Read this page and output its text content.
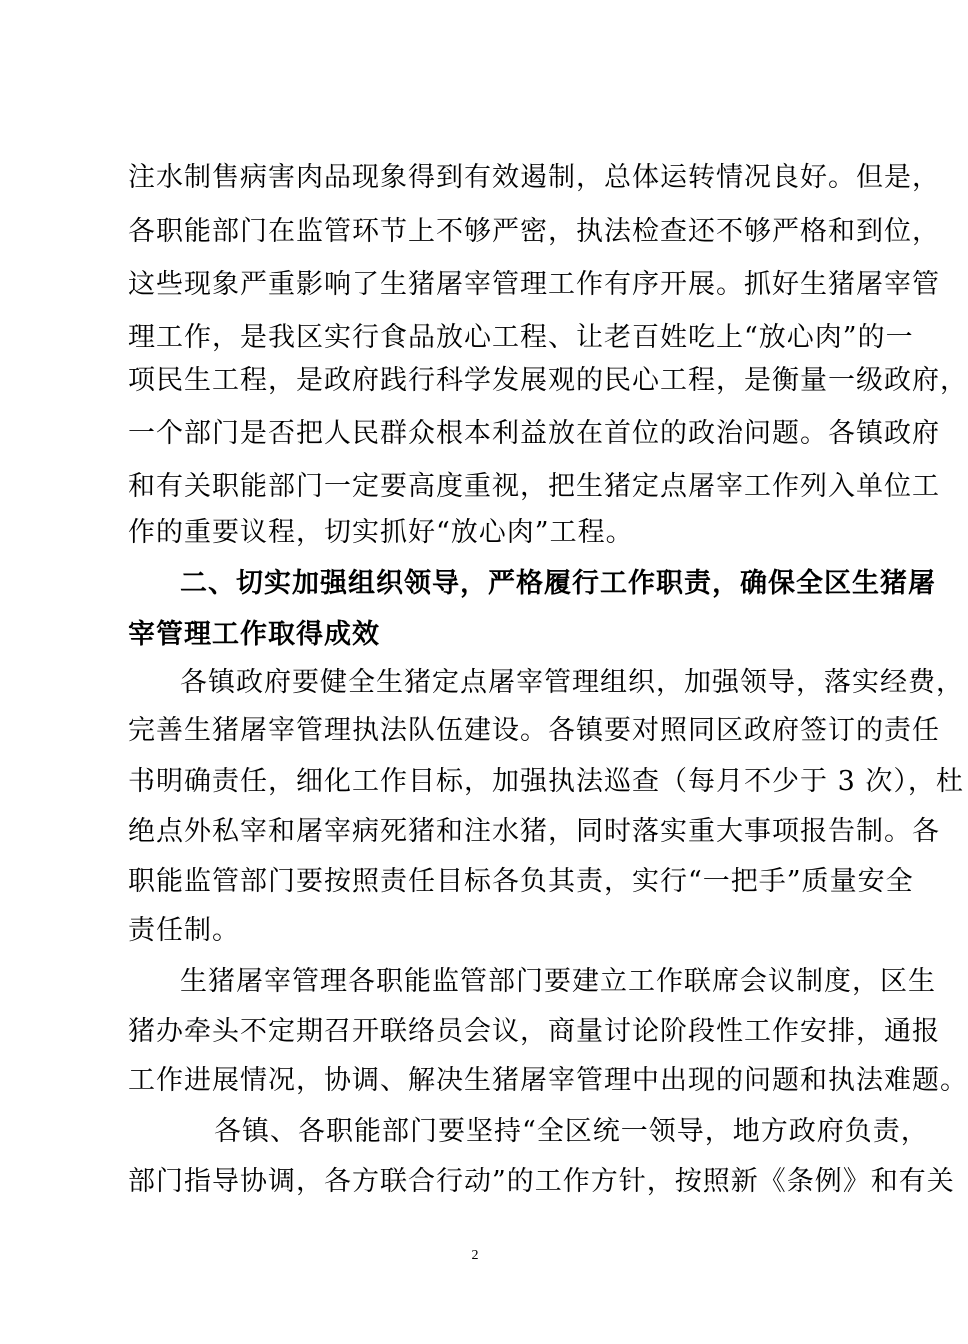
注水制售病害肉品现象得到有效遏制，总体运转情况良好。但是，
各职能部门在监管环节上不够严密，执法检查还不够严格和到位，
这些现象严重影响了生猪屠宰管理工作有序开展。抓好生猪屠宰管
理工作，是我区实行食品放心工程、让老百姓吃上“放心肉”的一
项民生工程，是政府践行科学发展观的民心工程，是衡量一级政府，
一个部门是否把人民群众根本利益放在首位的政治问题。各镇政府
和有关职能部门一定要高度重视，把生猪定点屠宰工作列入单位工
作的重要议程，切实抓好“放心肉”工程。
二、切实加强组织领导，严格履行工作职责，确保全区生猪屠
宰管理工作取得成效
各镇政府要健全生猪定点屠宰管理组织，加强领导，落实经费，
完善生猪屠宰管理执法队伍建设。各镇要对照同区政府签订的责任
书明确责任，细化工作目标，加强执法巡查（每月不少于 3 次），杜
绝点外私宰和屠宰病死猪和注水猪，同时落实重大事项报告制。各
职能监管部门要按照责任目标各负其责，实行“一把手”质量安全
责任制。
生猪屠宰管理各职能监管部门要建立工作联席会议制度，区生
猪办牵头不定期召开联络员会议，商量讨论阶段性工作安排，通报
工作进展情况，协调、解决生猪屠宰管理中出现的问题和执法难题。
各镇、各职能部门要坚持“全区统一领导，地方政府负责，
部门指导协调，各方联合行动”的工作方针，按照新《条例》和有关
2
